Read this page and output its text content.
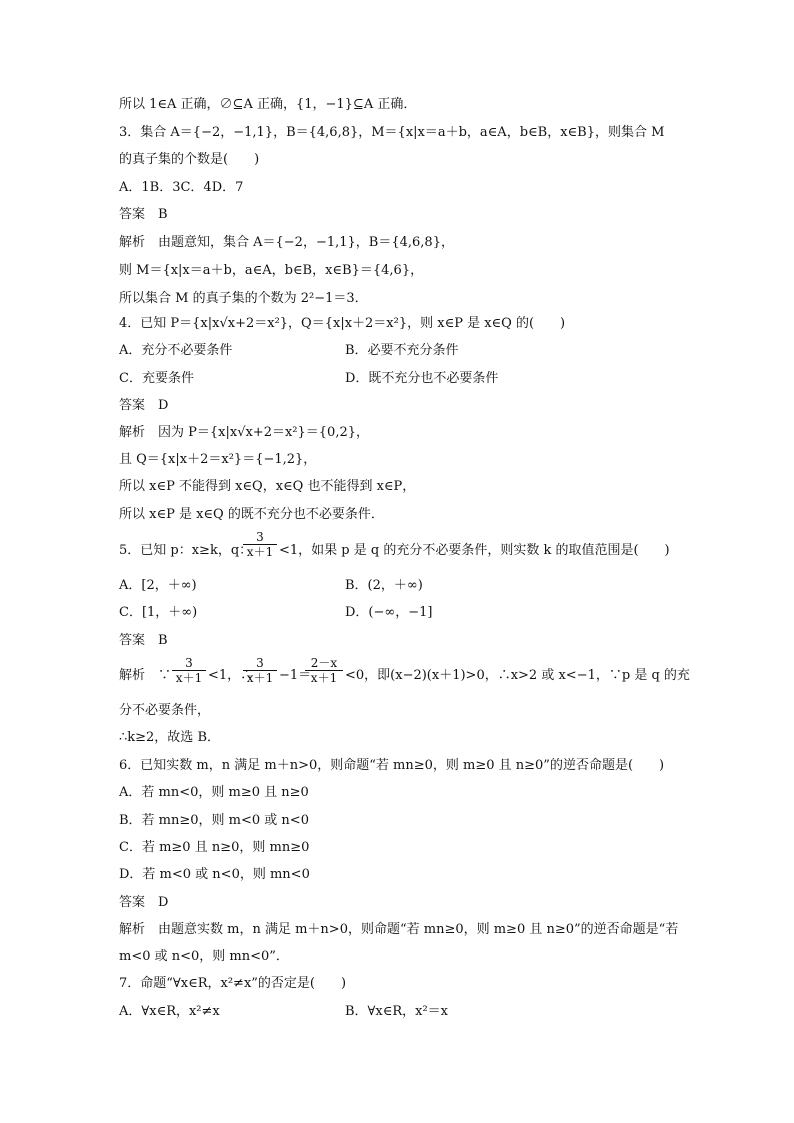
所以 1∈A 正确，∅⊆A 正确，{1，−1}⊆A 正确．
3．集合 A＝{−2，−1,1}，B＝{4,6,8}，M＝{x|x＝a＋b，a∈A，b∈B，x∈B}，则集合 M
的真子集的个数是(　　)
A．1B．3C．4D．7
答案　B
解析　由题意知，集合 A＝{−2，−1,1}，B＝{4,6,8}，
则 M＝{x|x＝a＋b，a∈A，b∈B，x∈B}＝{4,6}，
所以集合 M 的真子集的个数为 2²−1＝3．
4．已知 P＝{x|x√x+2＝x²}，Q＝{x|x＋2＝x²}，则 x∈P 是 x∈Q 的(　　)
A．充分不必要条件	B．必要不充分条件
C．充要条件	D．既不充分也不必要条件
答案　D
解析　因为 P＝{x|x√x+2＝x²}＝{0,2}，
且 Q＝{x|x＋2＝x²}＝{−1,2}，
所以 x∈P 不能得到 x∈Q，x∈Q 也不能得到 x∈P，
所以 x∈P 是 x∈Q 的既不充分也不必要条件．
5．已知 p：x≥k，q：
3
x＋1 <1，如果 p 是 q 的充分不必要条件，则实数 k 的取值范围是(　　)
A．[2，＋∞)	B．(2，＋∞)
C．[1，＋∞)	D．(−∞，−1]
答案　B
解析　∵
3
x＋1 <1，∴
3
x＋1 −1＝
2－x
x＋1 <0，即(x−2)(x＋1)>0，∴x>2 或 x<−1，∵p 是 q 的充
分不必要条件，
∴k≥2，故选 B．
6．已知实数 m，n 满足 m＋n>0，则命题“若 mn≥0，则 m≥0 且 n≥0”的逆否命题是(　　)
A．若 mn<0，则 m≥0 且 n≥0
B．若 mn≥0，则 m<0 或 n<0
C．若 m≥0 且 n≥0，则 mn≥0
D．若 m<0 或 n<0，则 mn<0
答案　D
解析　由题意实数 m，n 满足 m＋n>0，则命题“若 mn≥0，则 m≥0 且 n≥0”的逆否命题是“若
m<0 或 n<0，则 mn<0”．
7．命题“∀x∈R，x²≠x”的否定是(　　)
A．∀x∈R，x²≠x	B．∀x∈R，x²＝x
